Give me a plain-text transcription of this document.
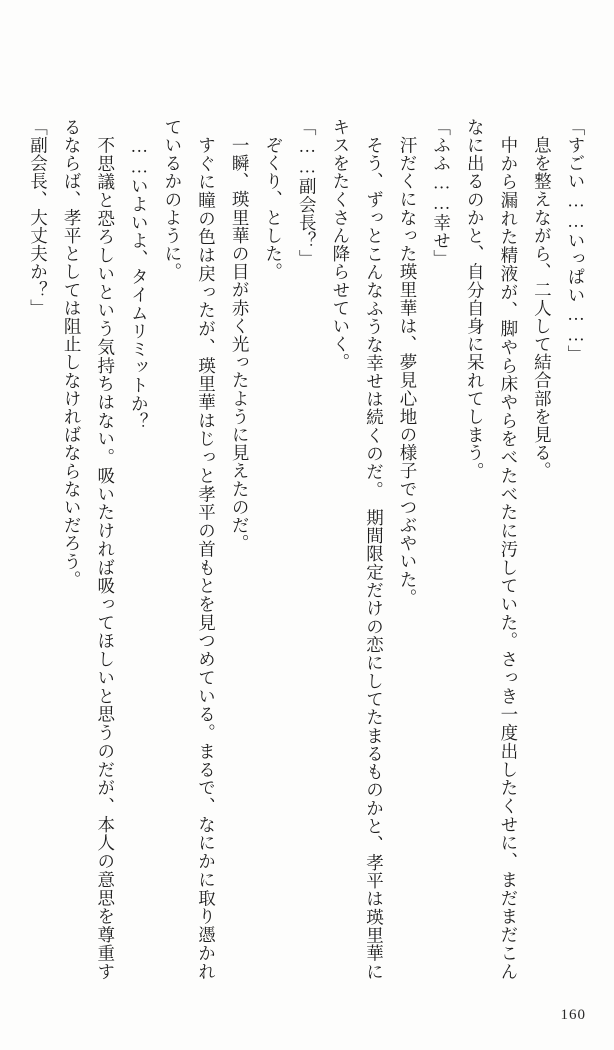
「すごい……いっぱい……」

息を整えながら、二人して結合部を見る。

中から漏れた精液が、脚やら床やらをべたべたに汚していた。さっき一度出したくせに、まだまだこんなに出るのかと、自分自身に呆れてしまう。

「ふふ……幸せ」

汗だくになった瑛里華は、夢見心地の様子でつぶやいた。

そう、ずっとこんなふうな幸せは続くのだ。　期間限定だけの恋にしてたまるものかと、孝平は瑛里華にキスをたくさん降らせていく。

「……副会長？」

ぞくり、とした。

一瞬、瑛里華の目が赤く光ったように見えたのだ。

すぐに瞳の色は戻ったが、瑛里華はじっと孝平の首もとを見つめている。まるで、なにかに取り憑かれているかのように。

……いよいよ、タイムリミットか？

不思議と恐ろしいという気持ちはない。吸いたければ吸ってほしいと思うのだが、本人の意思を尊重するならば、孝平としては阻止しなければならないだろう。

「副会長、大丈夫か？」

160
